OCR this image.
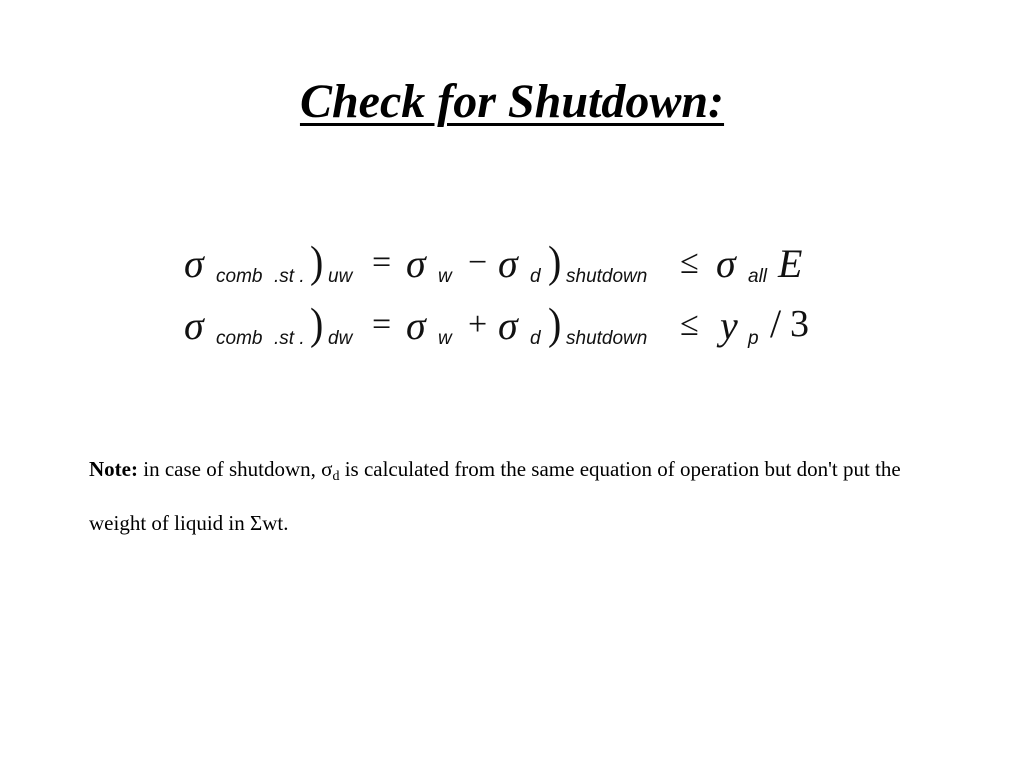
Check for Shutdown:
σ comb .st . ) uw = σ w − σ d ) shutdown ≤ σ all E
σ comb .st . ) dw = σ w + σ d ) shutdown ≤ y p / 3

Note: in case of shutdown, $\sigma_d$ is calculated from the same equation of operation but don't put the weight of liquid in Σwt.
